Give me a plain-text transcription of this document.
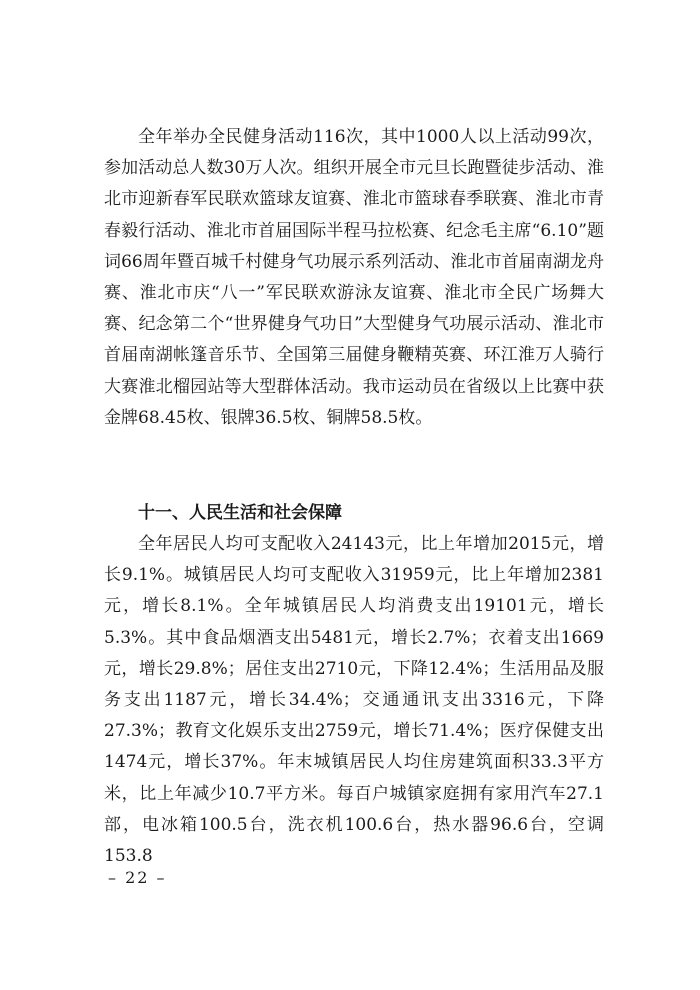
全年举办全民健身活动116次，其中1000人以上活动99次，参加活动总人数30万人次。组织开展全市元旦长跑暨徒步活动、淮北市迎新春军民联欢篮球友谊赛、淮北市篮球春季联赛、淮北市青春毅行活动、淮北市首届国际半程马拉松赛、纪念毛主席“6.10”题词66周年暨百城千村健身气功展示系列活动、淮北市首届南湖龙舟赛、淮北市庆“八一”军民联欢游泳友谊赛、淮北市全民广场舞大赛、纪念第二个“世界健身气功日”大型健身气功展示活动、淮北市首届南湖帐篷音乐节、全国第三届健身鞭精英赛、环江淮万人骑行大赛淮北榴园站等大型群体活动。我市运动员在省级以上比赛中获金牌68.45枚、银牌36.5枚、铜牌58.5枚。

十一、人民生活和社会保障

全年居民人均可支配收入24143元，比上年增加2015元，增长9.1%。城镇居民人均可支配收入31959元，比上年增加2381元，增长8.1%。全年城镇居民人均消费支出19101元，增长5.3%。其中食品烟酒支出5481元，增长2.7%；衣着支出1669元，增长29.8%；居住支出2710元，下降12.4%；生活用品及服务支出1187元，增长34.4%；交通通讯支出3316元，下降27.3%；教育文化娱乐支出2759元，增长71.4%；医疗保健支出1474元，增长37%。年末城镇居民人均住房建筑面积33.3平方米，比上年减少10.7平方米。每百户城镇家庭拥有家用汽车27.1部，电冰箱100.5台，洗衣机100.6台，热水器96.6台，空调153.8

– 22 –
